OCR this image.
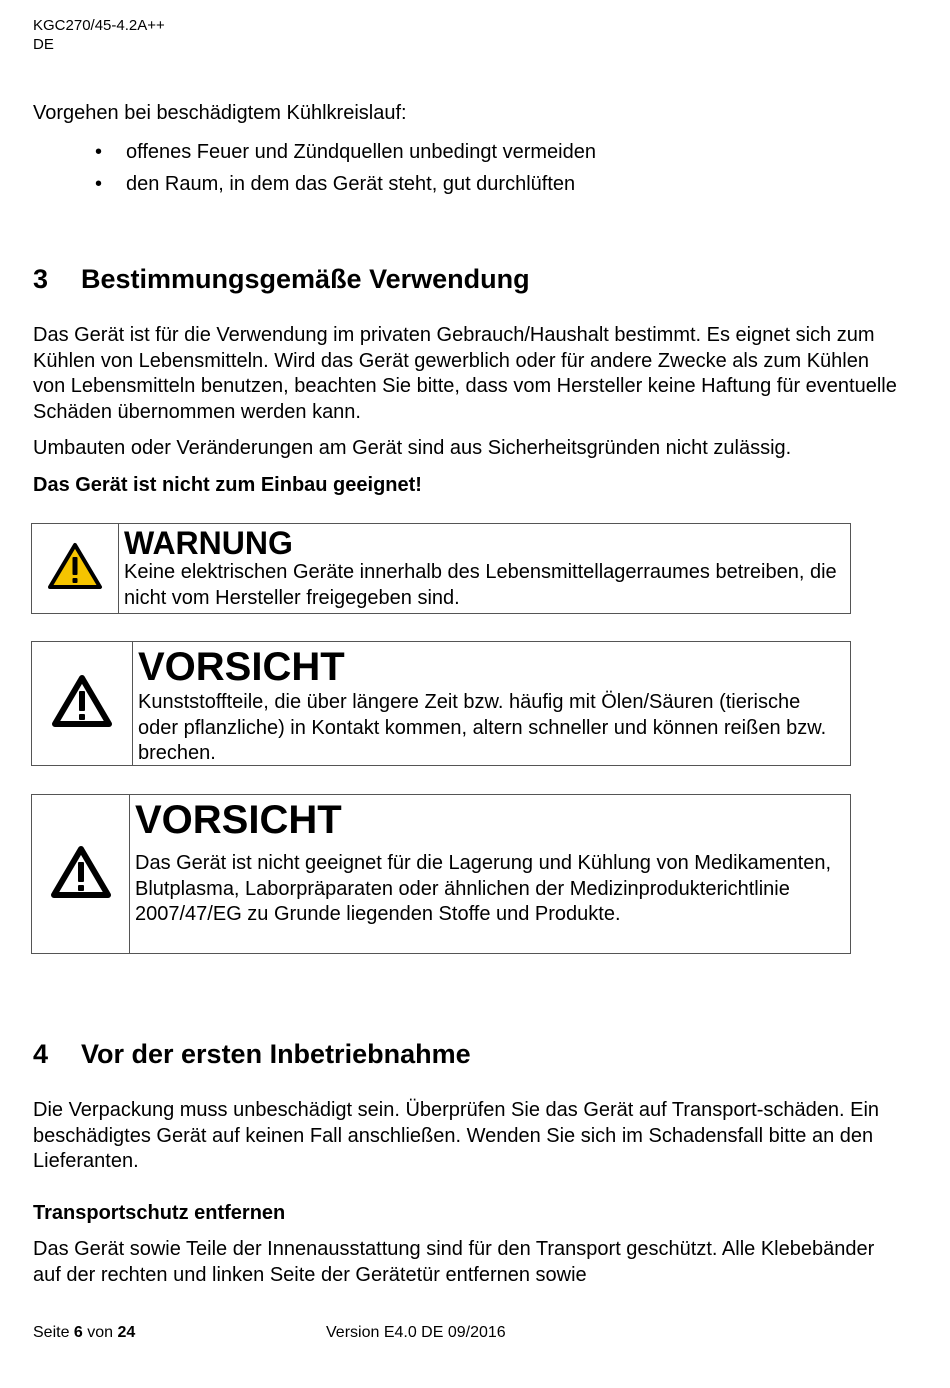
KGC270/45-4.2A++
DE

Vorgehen bei beschädigtem Kühlkreislauf:

• offenes Feuer und Zündquellen unbedingt vermeiden
• den Raum, in dem das Gerät steht, gut durchlüften
3 Bestimmungsgemäße Verwendung

Das Gerät ist für die Verwendung im privaten Gebrauch/Haushalt bestimmt. Es eignet sich zum Kühlen von Lebensmitteln. Wird das Gerät gewerblich oder für andere Zwecke als zum Kühlen von Lebensmitteln benutzen, beachten Sie bitte, dass vom Hersteller keine Haftung für eventuelle Schäden übernommen werden kann.

Umbauten oder Veränderungen am Gerät sind aus Sicherheitsgründen nicht zulässig.

Das Gerät ist nicht zum Einbau geeignet!

WARNUNG

Keine elektrischen Geräte innerhalb des Lebensmittellagerraumes betreiben, die nicht vom Hersteller freigegeben sind.

VORSICHT

Kunststoffteile, die über längere Zeit bzw. häufig mit Ölen/Säuren (tierische oder pflanzliche) in Kontakt kommen, altern schneller und können reißen bzw. brechen.

VORSICHT

Das Gerät ist nicht geeignet für die Lagerung und Kühlung von Medikamenten, Blutplasma, Laborpräparaten oder ähnlichen der Medizinprodukterichtlinie 2007/47/EG zu Grunde liegenden Stoffe und Produkte.

4 Vor der ersten Inbetriebnahme

Die Verpackung muss unbeschädigt sein. Überprüfen Sie das Gerät auf Transport-schäden. Ein beschädigtes Gerät auf keinen Fall anschließen. Wenden Sie sich im Schadensfall bitte an den Lieferanten.

Transportschutz entfernen

Das Gerät sowie Teile der Innenausstattung sind für den Transport geschützt. Alle Klebebänder auf der rechten und linken Seite der Gerätetür entfernen sowie

Seite 6 von 24	Version E4.0 DE 09/2016
